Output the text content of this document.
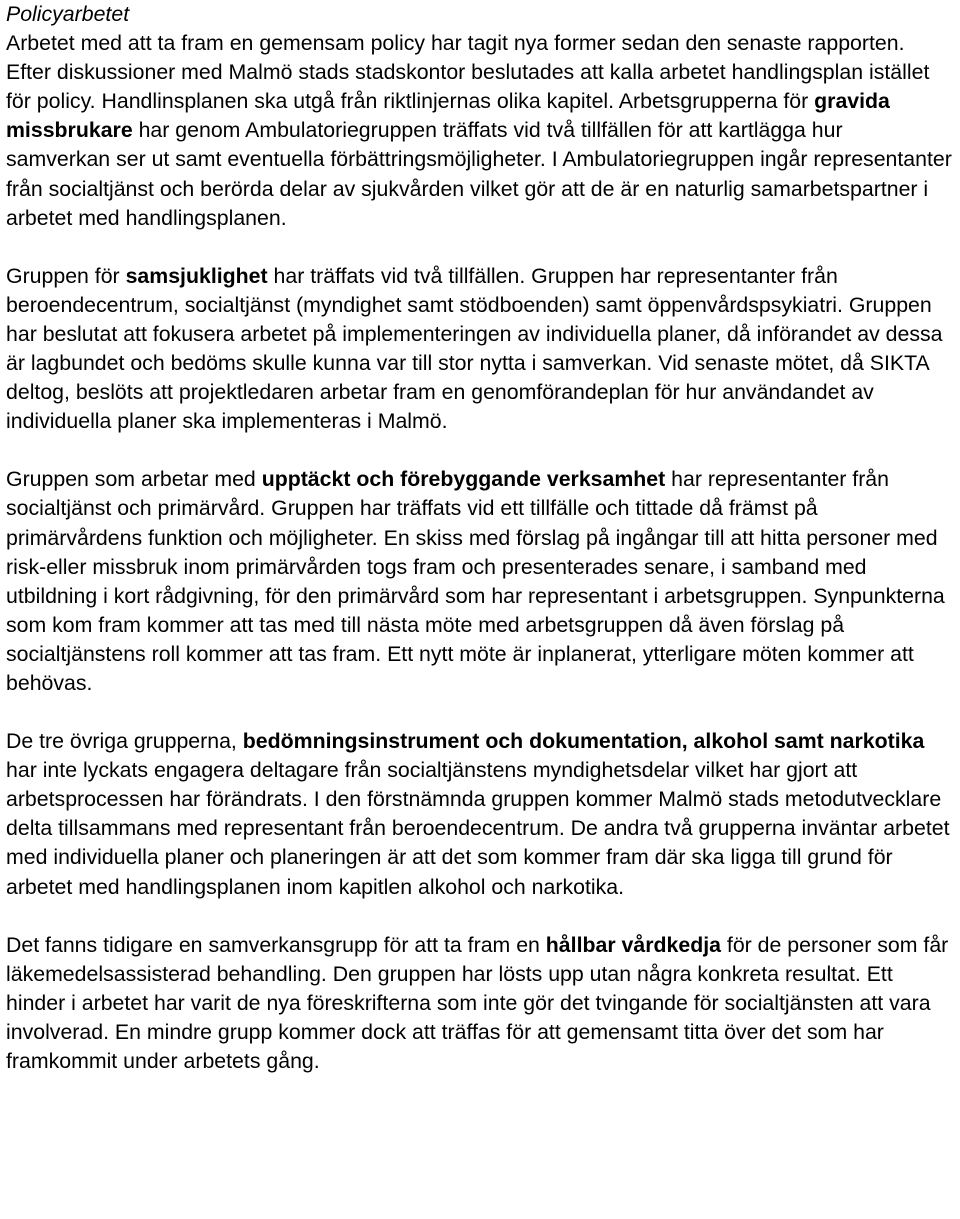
Policyarbetet

Arbetet med att ta fram en gemensam policy har tagit nya former sedan den senaste rapporten. Efter diskussioner med Malmö stads stadskontor beslutades att kalla arbetet handlingsplan istället för policy. Handlinsplanen ska utgå från riktlinjernas olika kapitel. Arbetsgrupperna för gravida missbrukare har genom Ambulatoriegruppen träffats vid två tillfällen för att kartlägga hur samverkan ser ut samt eventuella förbättringsmöjligheter. I Ambulatoriegruppen ingår representanter från socialtjänst och berörda delar av sjukvården vilket gör att de är en naturlig samarbetspartner i arbetet med handlingsplanen.

Gruppen för samsjuklighet har träffats vid två tillfällen. Gruppen har representanter från beroendecentrum, socialtjänst (myndighet samt stödboenden) samt öppenvårdspsykiatri. Gruppen har beslutat att fokusera arbetet på implementeringen av individuella planer, då införandet av dessa är lagbundet och bedöms skulle kunna var till stor nytta i samverkan. Vid senaste mötet, då SIKTA deltog, beslöts att projektledaren arbetar fram en genomförandeplan för hur användandet av individuella planer ska implementeras i Malmö.

Gruppen som arbetar med upptäckt och förebyggande verksamhet har representanter från socialtjänst och primärvård. Gruppen har träffats vid ett tillfälle och tittade då främst på primärvårdens funktion och möjligheter. En skiss med förslag på ingångar till att hitta personer med risk-eller missbruk inom primärvården togs fram och presenterades senare, i samband med utbildning i kort rådgivning, för den primärvård som har representant i arbetsgruppen. Synpunkterna som kom fram kommer att tas med till nästa möte med arbetsgruppen då även förslag på socialtjänstens roll kommer att tas fram. Ett nytt möte är inplanerat, ytterligare möten kommer att behövas.

De tre övriga grupperna, bedömningsinstrument och dokumentation, alkohol samt narkotika har inte lyckats engagera deltagare från socialtjänstens myndighetsdelar vilket har gjort att arbetsprocessen har förändrats. I den förstnämnda gruppen kommer Malmö stads metodutvecklare delta tillsammans med representant från beroendecentrum. De andra två grupperna inväntar arbetet med individuella planer och planeringen är att det som kommer fram där ska ligga till grund för arbetet med handlingsplanen inom kapitlen alkohol och narkotika.

Det fanns tidigare en samverkansgrupp för att ta fram en hållbar vårdkedja för de personer som får läkemedelsassisterad behandling. Den gruppen har lösts upp utan några konkreta resultat. Ett hinder i arbetet har varit de nya föreskrifterna som inte gör det tvingande för socialtjänsten att vara involverad. En mindre grupp kommer dock att träffas för att gemensamt titta över det som har framkommit under arbetets gång.
